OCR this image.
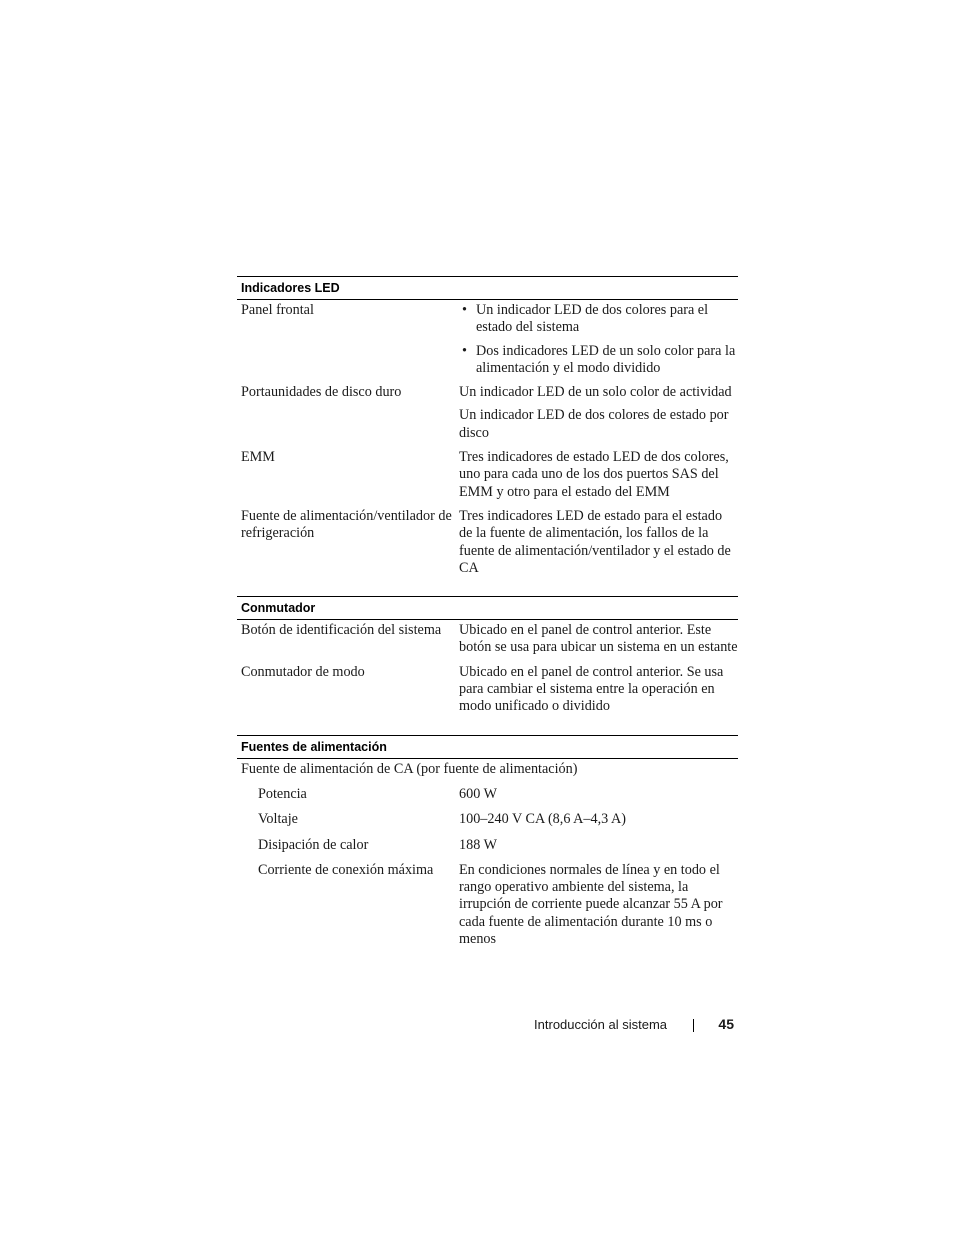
Indicadores LED
Panel frontal
•	Un indicador LED de dos colores para el estado del sistema
• Dos indicadores LED de un solo color para la alimentación y el modo dividido
Portaunidades de disco duro	Un indicador LED de un solo color de actividad

Un indicador LED de dos colores de estado por disco

EMM	Tres indicadores de estado LED de dos colores, uno para cada uno de los dos puertos SAS del EMM y otro para el estado del EMM
Fuente de alimentación/ventilador de refrigeración
Tres indicadores LED de estado para el estado de la fuente de alimentación, los fallos de la fuente de alimentación/ventilador y el estado de CA
Conmutador
Botón de identificación del sistema	Ubicado en el panel de control anterior. Este botón se usa para ubicar un sistema en un estante
Conmutador de modo	Ubicado en el panel de control anterior. Se usa para cambiar el sistema entre la operación en modo unificado o dividido
Fuentes de alimentación
Fuente de alimentación de CA (por fuente de alimentación)
Potencia	600 W
Voltaje	100–240 V CA (8,6 A–4,3 A)
Disipación de calor	188 W
Corriente de conexión máxima	En condiciones normales de línea y en todo el rango operativo ambiente del sistema, la irrupción de corriente puede alcanzar 55 A por cada fuente de alimentación durante 10 ms o menos
Introducción al sistema	45
